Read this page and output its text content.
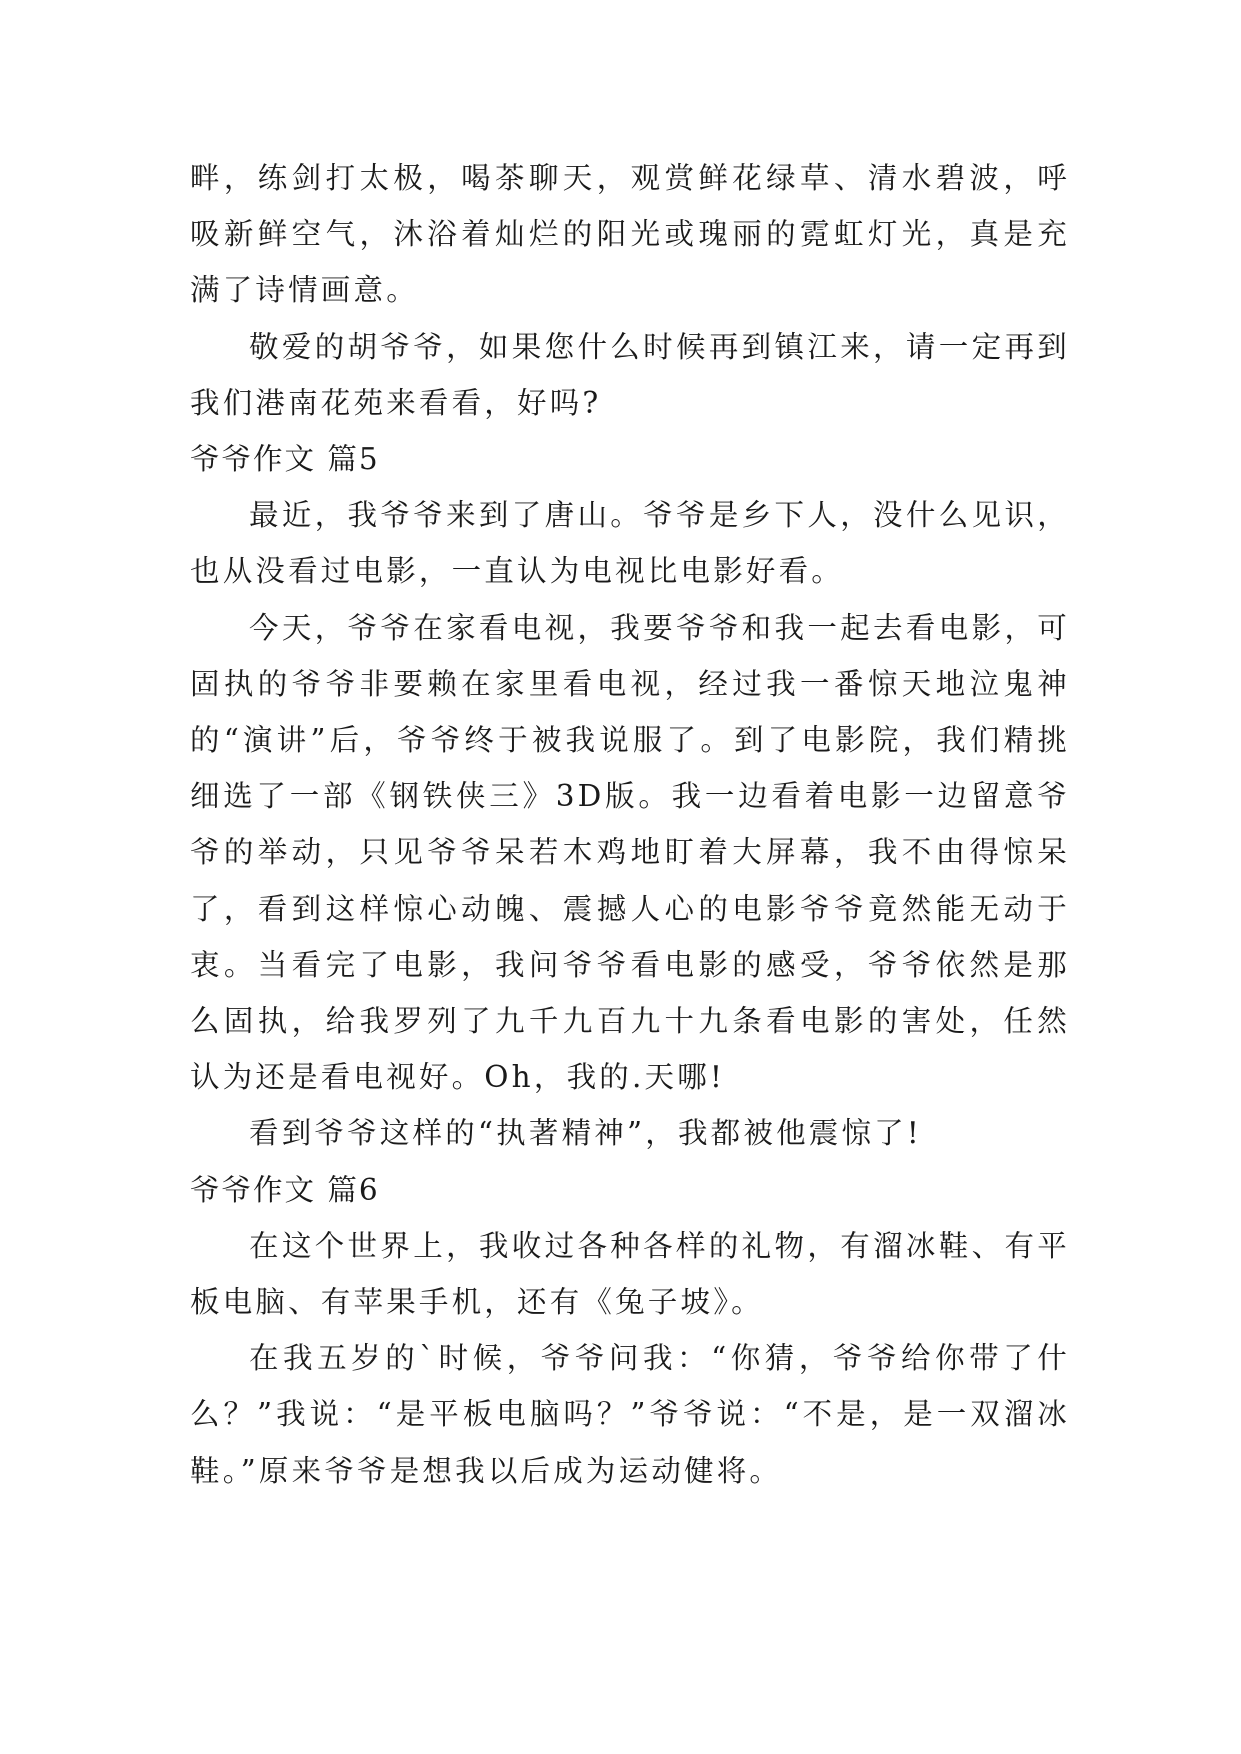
畔，练剑打太极，喝茶聊天，观赏鲜花绿草、清水碧波，呼吸新鲜空气，沐浴着灿烂的阳光或瑰丽的霓虹灯光，真是充满了诗情画意。

敬爱的胡爷爷，如果您什么时候再到镇江来，请一定再到我们港南花苑来看看，好吗?

爷爷作文 篇5

最近，我爷爷来到了唐山。爷爷是乡下人，没什么见识，也从没看过电影，一直认为电视比电影好看。

今天，爷爷在家看电视，我要爷爷和我一起去看电影，可固执的爷爷非要赖在家里看电视，经过我一番惊天地泣鬼神的“演讲”后，爷爷终于被我说服了。到了电影院，我们精挑细选了一部《钢铁侠三》3D版。我一边看着电影一边留意爷爷的举动，只见爷爷呆若木鸡地盯着大屏幕，我不由得惊呆了，看到这样惊心动魄、震撼人心的电影爷爷竟然能无动于衷。当看完了电影，我问爷爷看电影的感受，爷爷依然是那么固执，给我罗列了九千九百九十九条看电影的害处，任然认为还是看电视好。Oh，我的.天哪!

看到爷爷这样的“执著精神”，我都被他震惊了!

爷爷作文 篇6

在这个世界上，我收过各种各样的礼物，有溜冰鞋、有平板电脑、有苹果手机，还有《兔子坡》。

在我五岁的`时候，爷爷问我：“你猜，爷爷给你带了什么？”我说：“是平板电脑吗？”爷爷说：“不是，是一双溜冰鞋。”原来爷爷是想我以后成为运动健将。
